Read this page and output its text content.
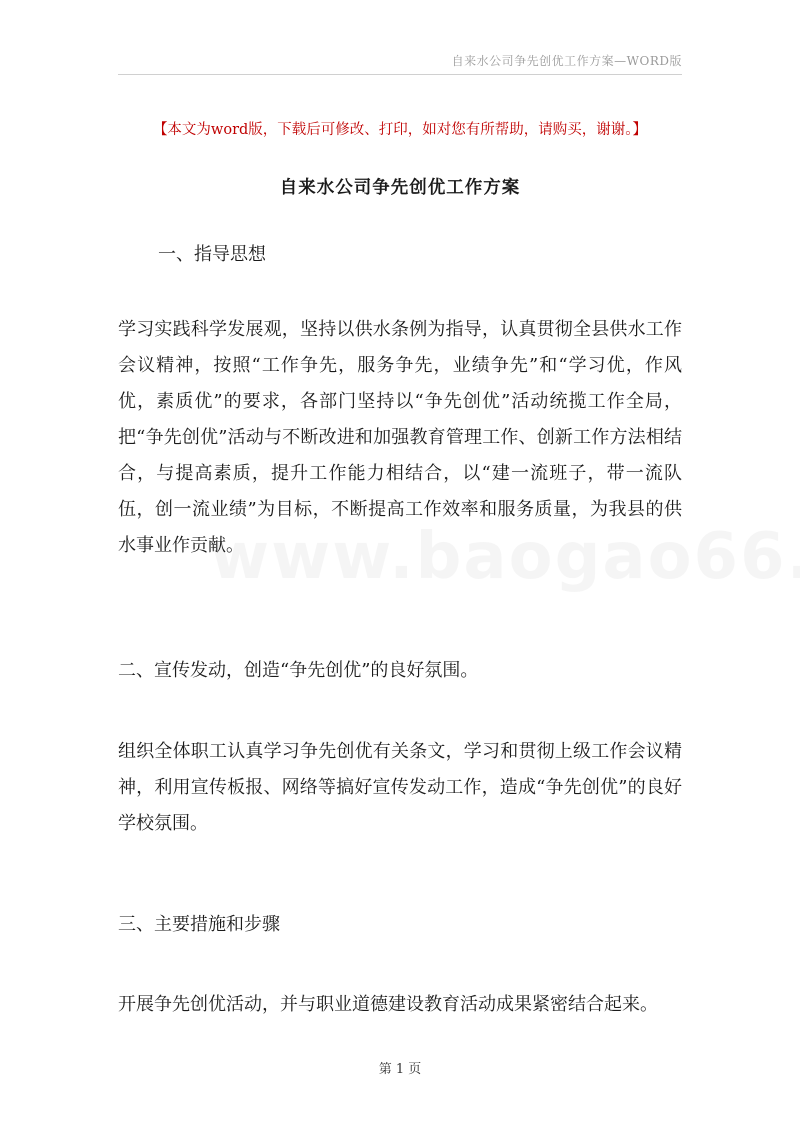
自来水公司争先创优工作方案—WORD版
【本文为word版，下载后可修改、打印，如对您有所帮助，请购买，谢谢。】
自来水公司争先创优工作方案
一、指导思想
学习实践科学发展观，坚持以供水条例为指导，认真贯彻全县供水工作会议精神，按照“工作争先，服务争先，业绩争先”和“学习优，作风优，素质优”的要求，各部门坚持以“争先创优”活动统揽工作全局，把“争先创优”活动与不断改进和加强教育管理工作、创新工作方法相结合，与提高素质，提升工作能力相结合，以“建一流班子，带一流队伍，创一流业绩”为目标，不断提高工作效率和服务质量，为我县的供水事业作贡献。
二、宣传发动，创造“争先创优”的良好氛围。
组织全体职工认真学习争先创优有关条文，学习和贯彻上级工作会议精神，利用宣传板报、网络等搞好宣传发动工作，造成“争先创优”的良好学校氛围。
三、主要措施和步骤
开展争先创优活动，并与职业道德建设教育活动成果紧密结合起来。
第 1 页
